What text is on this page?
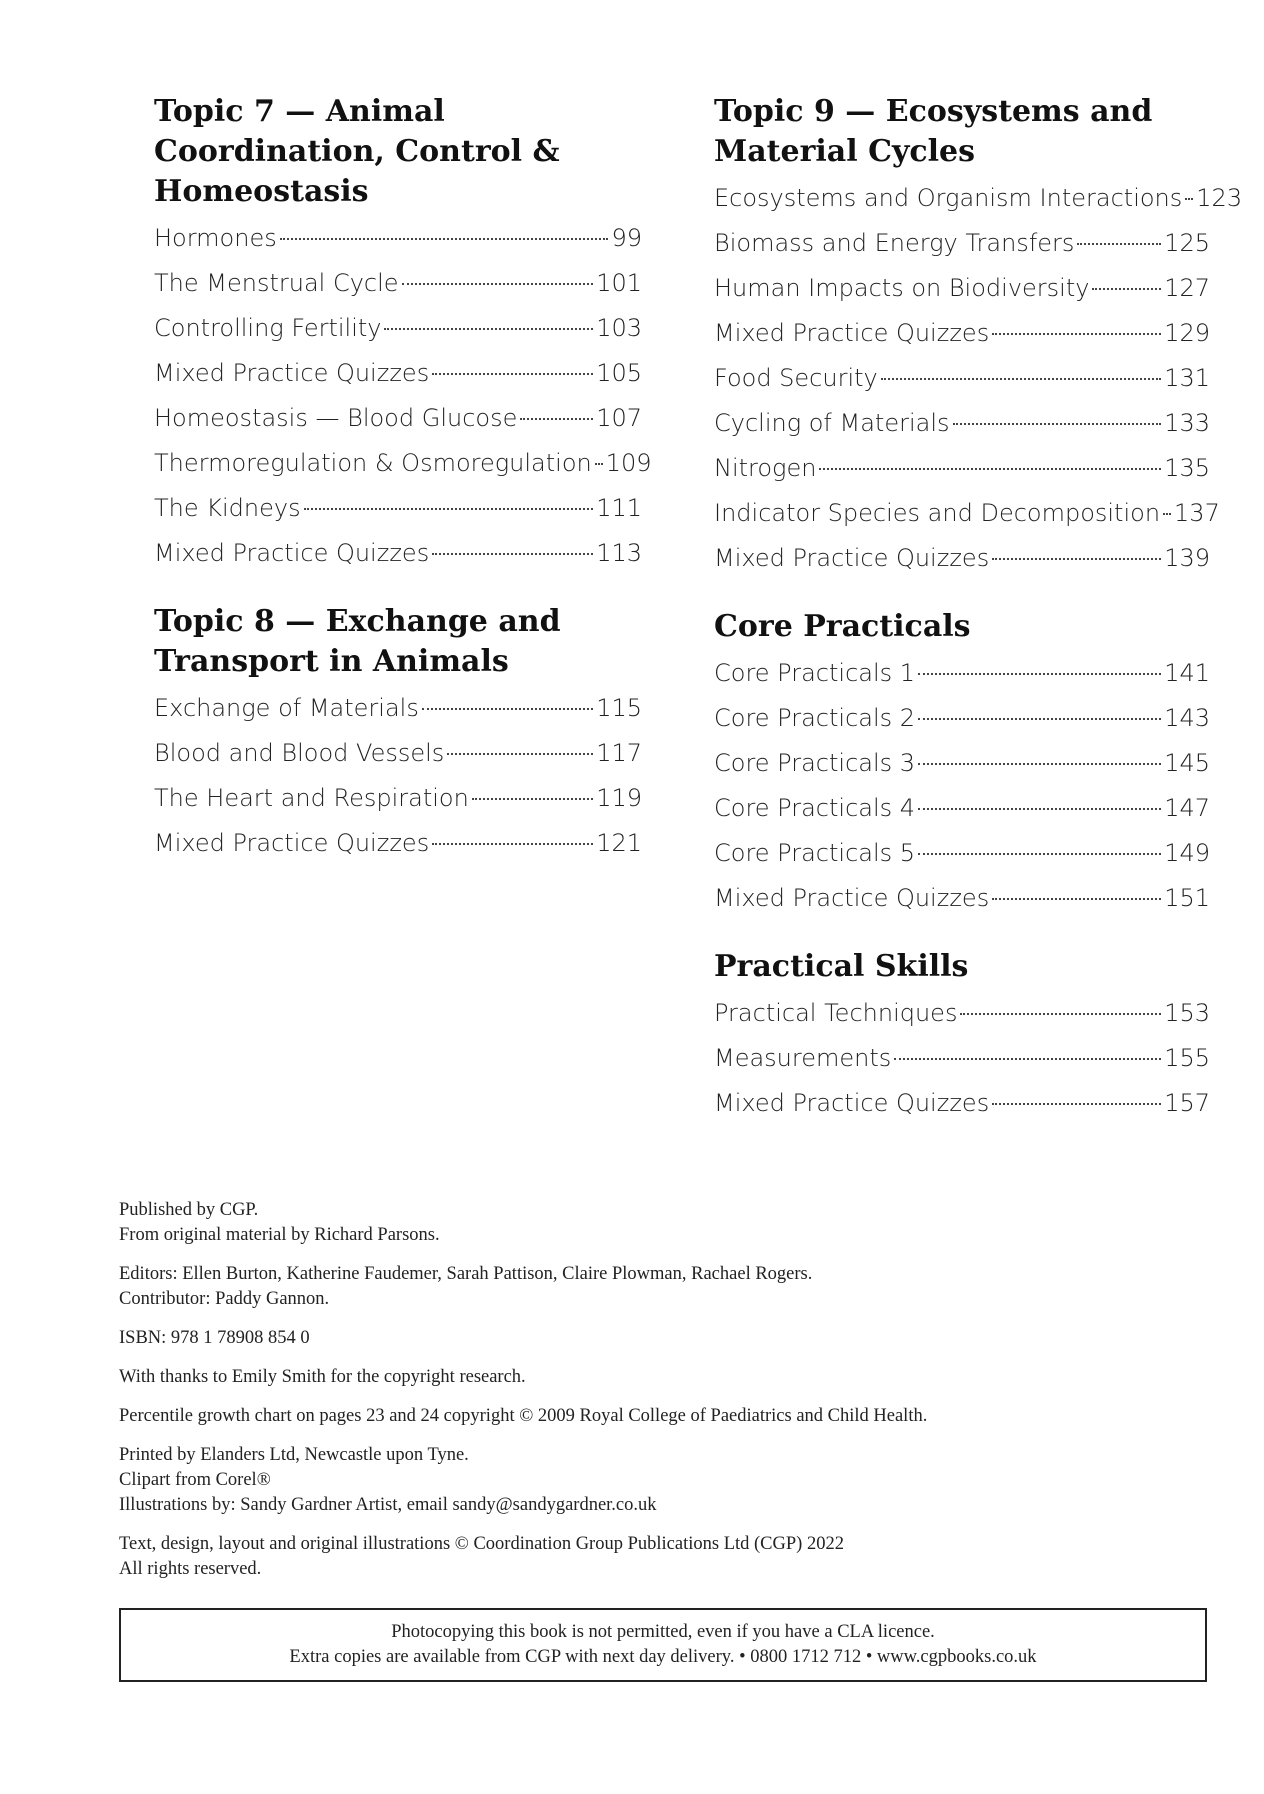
Topic 7 — Animal Coordination, Control & Homeostasis
Hormones	99
The Menstrual Cycle	101
Controlling Fertility	103
Mixed Practice Quizzes	105
Homeostasis — Blood Glucose	107
Thermoregulation & Osmoregulation 109
The Kidneys	111
Mixed Practice Quizzes	113
Topic 8 — Exchange and Transport in Animals
Exchange of Materials	115
Blood and Blood Vessels	117
The Heart and Respiration	119
Mixed Practice Quizzes	121
Topic 9 — Ecosystems and Material Cycles
Ecosystems and Organism Interactions 123
Biomass and Energy Transfers	125
Human Impacts on Biodiversity	127
Mixed Practice Quizzes	129
Food Security	131
Cycling of Materials	133
Nitrogen	135
Indicator Species and Decomposition 137
Mixed Practice Quizzes	139
Core Practicals
Core Practicals 1	141
Core Practicals 2	143
Core Practicals 3	145
Core Practicals 4	147
Core Practicals 5	149
Mixed Practice Quizzes	151
Practical Skills
Practical Techniques	153
Measurements	155
Mixed Practice Quizzes	157
Published by CGP.
From original material by Richard Parsons.
Editors: Ellen Burton, Katherine Faudemer, Sarah Pattison, Claire Plowman, Rachael Rogers.
Contributor: Paddy Gannon.
ISBN: 978 1 78908 854 0
With thanks to Emily Smith for the copyright research.
Percentile growth chart on pages 23 and 24 copyright © 2009 Royal College of Paediatrics and Child Health.
Printed by Elanders Ltd, Newcastle upon Tyne.
Clipart from Corel®
Illustrations by: Sandy Gardner Artist, email sandy@sandygardner.co.uk
Text, design, layout and original illustrations © Coordination Group Publications Ltd (CGP) 2022
All rights reserved.
Photocopying this book is not permitted, even if you have a CLA licence.
Extra copies are available from CGP with next day delivery. • 0800 1712 712 • www.cgpbooks.co.uk
